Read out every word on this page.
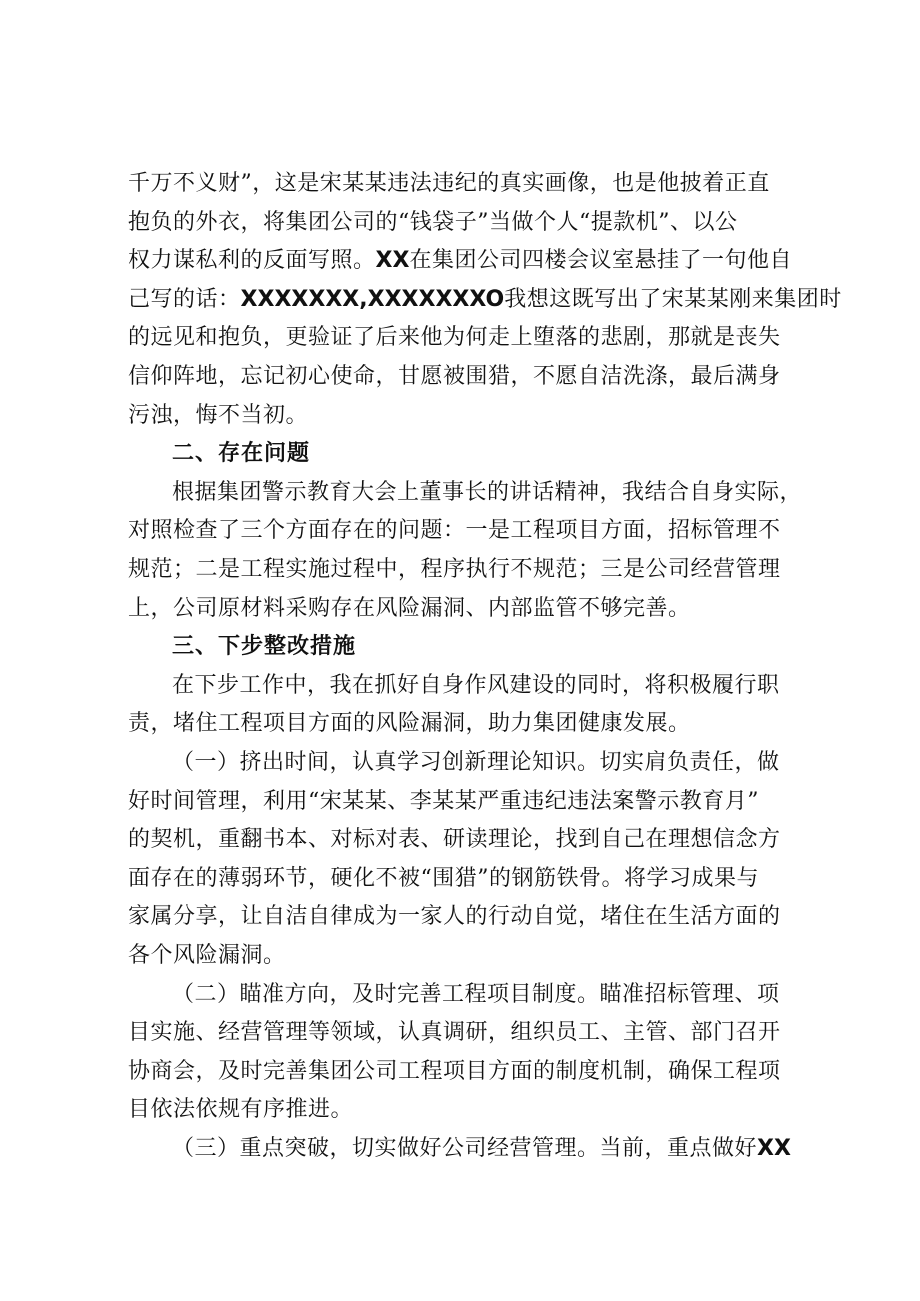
千万不义财”，这是宋某某违法违纪的真实画像，也是他披着正直
抱负的外衣，将集团公司的“钱袋子”当做个人“提款机”、以公
权力谋私利的反面写照。XX在集团公司四楼会议室悬挂了一句他自
己写的话：XXXXXXX,XXXXXXXO我想这既写出了宋某某刚来集团时
的远见和抱负，更验证了后来他为何走上堕落的悲剧，那就是丧失
信仰阵地，忘记初心使命，甘愿被围猎，不愿自洁洗涤，最后满身
污浊，悔不当初。
二、存在问题
根据集团警示教育大会上董事长的讲话精神，我结合自身实际，
对照检查了三个方面存在的问题：一是工程项目方面，招标管理不
规范；二是工程实施过程中，程序执行不规范；三是公司经营管理
上，公司原材料采购存在风险漏洞、内部监管不够完善。
三、下步整改措施
在下步工作中，我在抓好自身作风建设的同时，将积极履行职
责，堵住工程项目方面的风险漏洞，助力集团健康发展。
（一）挤出时间，认真学习创新理论知识。切实肩负责任，做
好时间管理，利用“宋某某、李某某严重违纪违法案警示教育月”
的契机，重翻书本、对标对表、研读理论，找到自己在理想信念方
面存在的薄弱环节，硬化不被“围猎”的钢筋铁骨。将学习成果与
家属分享，让自洁自律成为一家人的行动自觉，堵住在生活方面的
各个风险漏洞。
（二）瞄准方向，及时完善工程项目制度。瞄准招标管理、项
目实施、经营管理等领域，认真调研，组织员工、主管、部门召开
协商会，及时完善集团公司工程项目方面的制度机制，确保工程项
目依法依规有序推进。
（三）重点突破，切实做好公司经营管理。当前，重点做好XX
